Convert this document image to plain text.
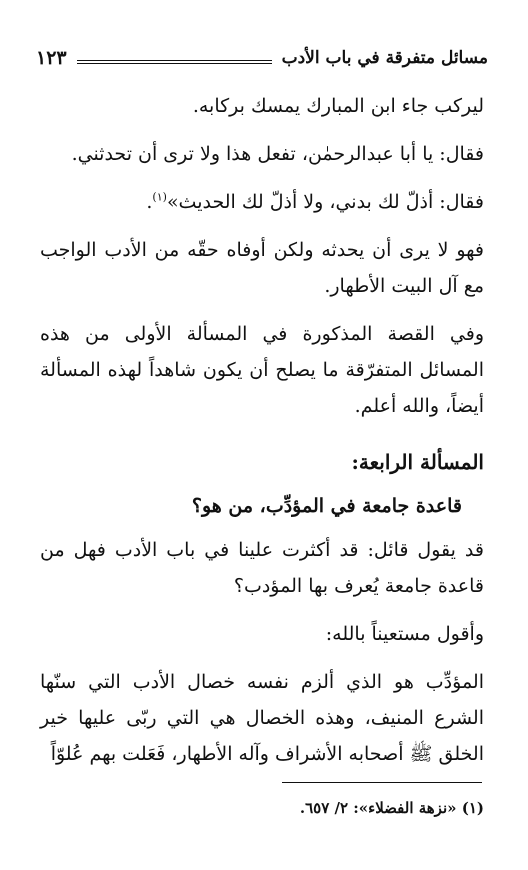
مسائل متفرقة في باب الأدب
١٢٣

ليركب جاء ابن المبارك يمسك بركابه.

فقال: يا أبا عبدالرحمٰن، تفعل هذا ولا ترى أن تحدثني.

فقال: أذلّ لك بدني، ولا أذلّ لك الحديث»$^{(١)}$.

فهو لا يرى أن يحدثه ولكن أوفاه حقّه من الأدب الواجب مع آل البيت الأطهار.

وفي القصة المذكورة في المسألة الأولى من هذه المسائل المتفرّقة ما يصلح أن يكون شاهداً لهذه المسألة أيضاً، والله أعلم.

المسألة الرابعة:

قاعدة جامعة في المؤدِّب، من هو؟

قد يقول قائل: قد أكثرت علينا في باب الأدب فهل من قاعدة جامعة يُعرف بها المؤدب؟

وأقول مستعيناً بالله:

المؤدِّب هو الذي ألزم نفسه خصال الأدب التي سنّها الشرع المنيف، وهذه الخصال هي التي ربّى عليها خير الخلق ﷺ أصحابه الأشراف وآله الأطهار، فَعَلت بهم عُلوّاً

(١) «نزهة الفضلاء»: ٢/ ٦٥٧.
